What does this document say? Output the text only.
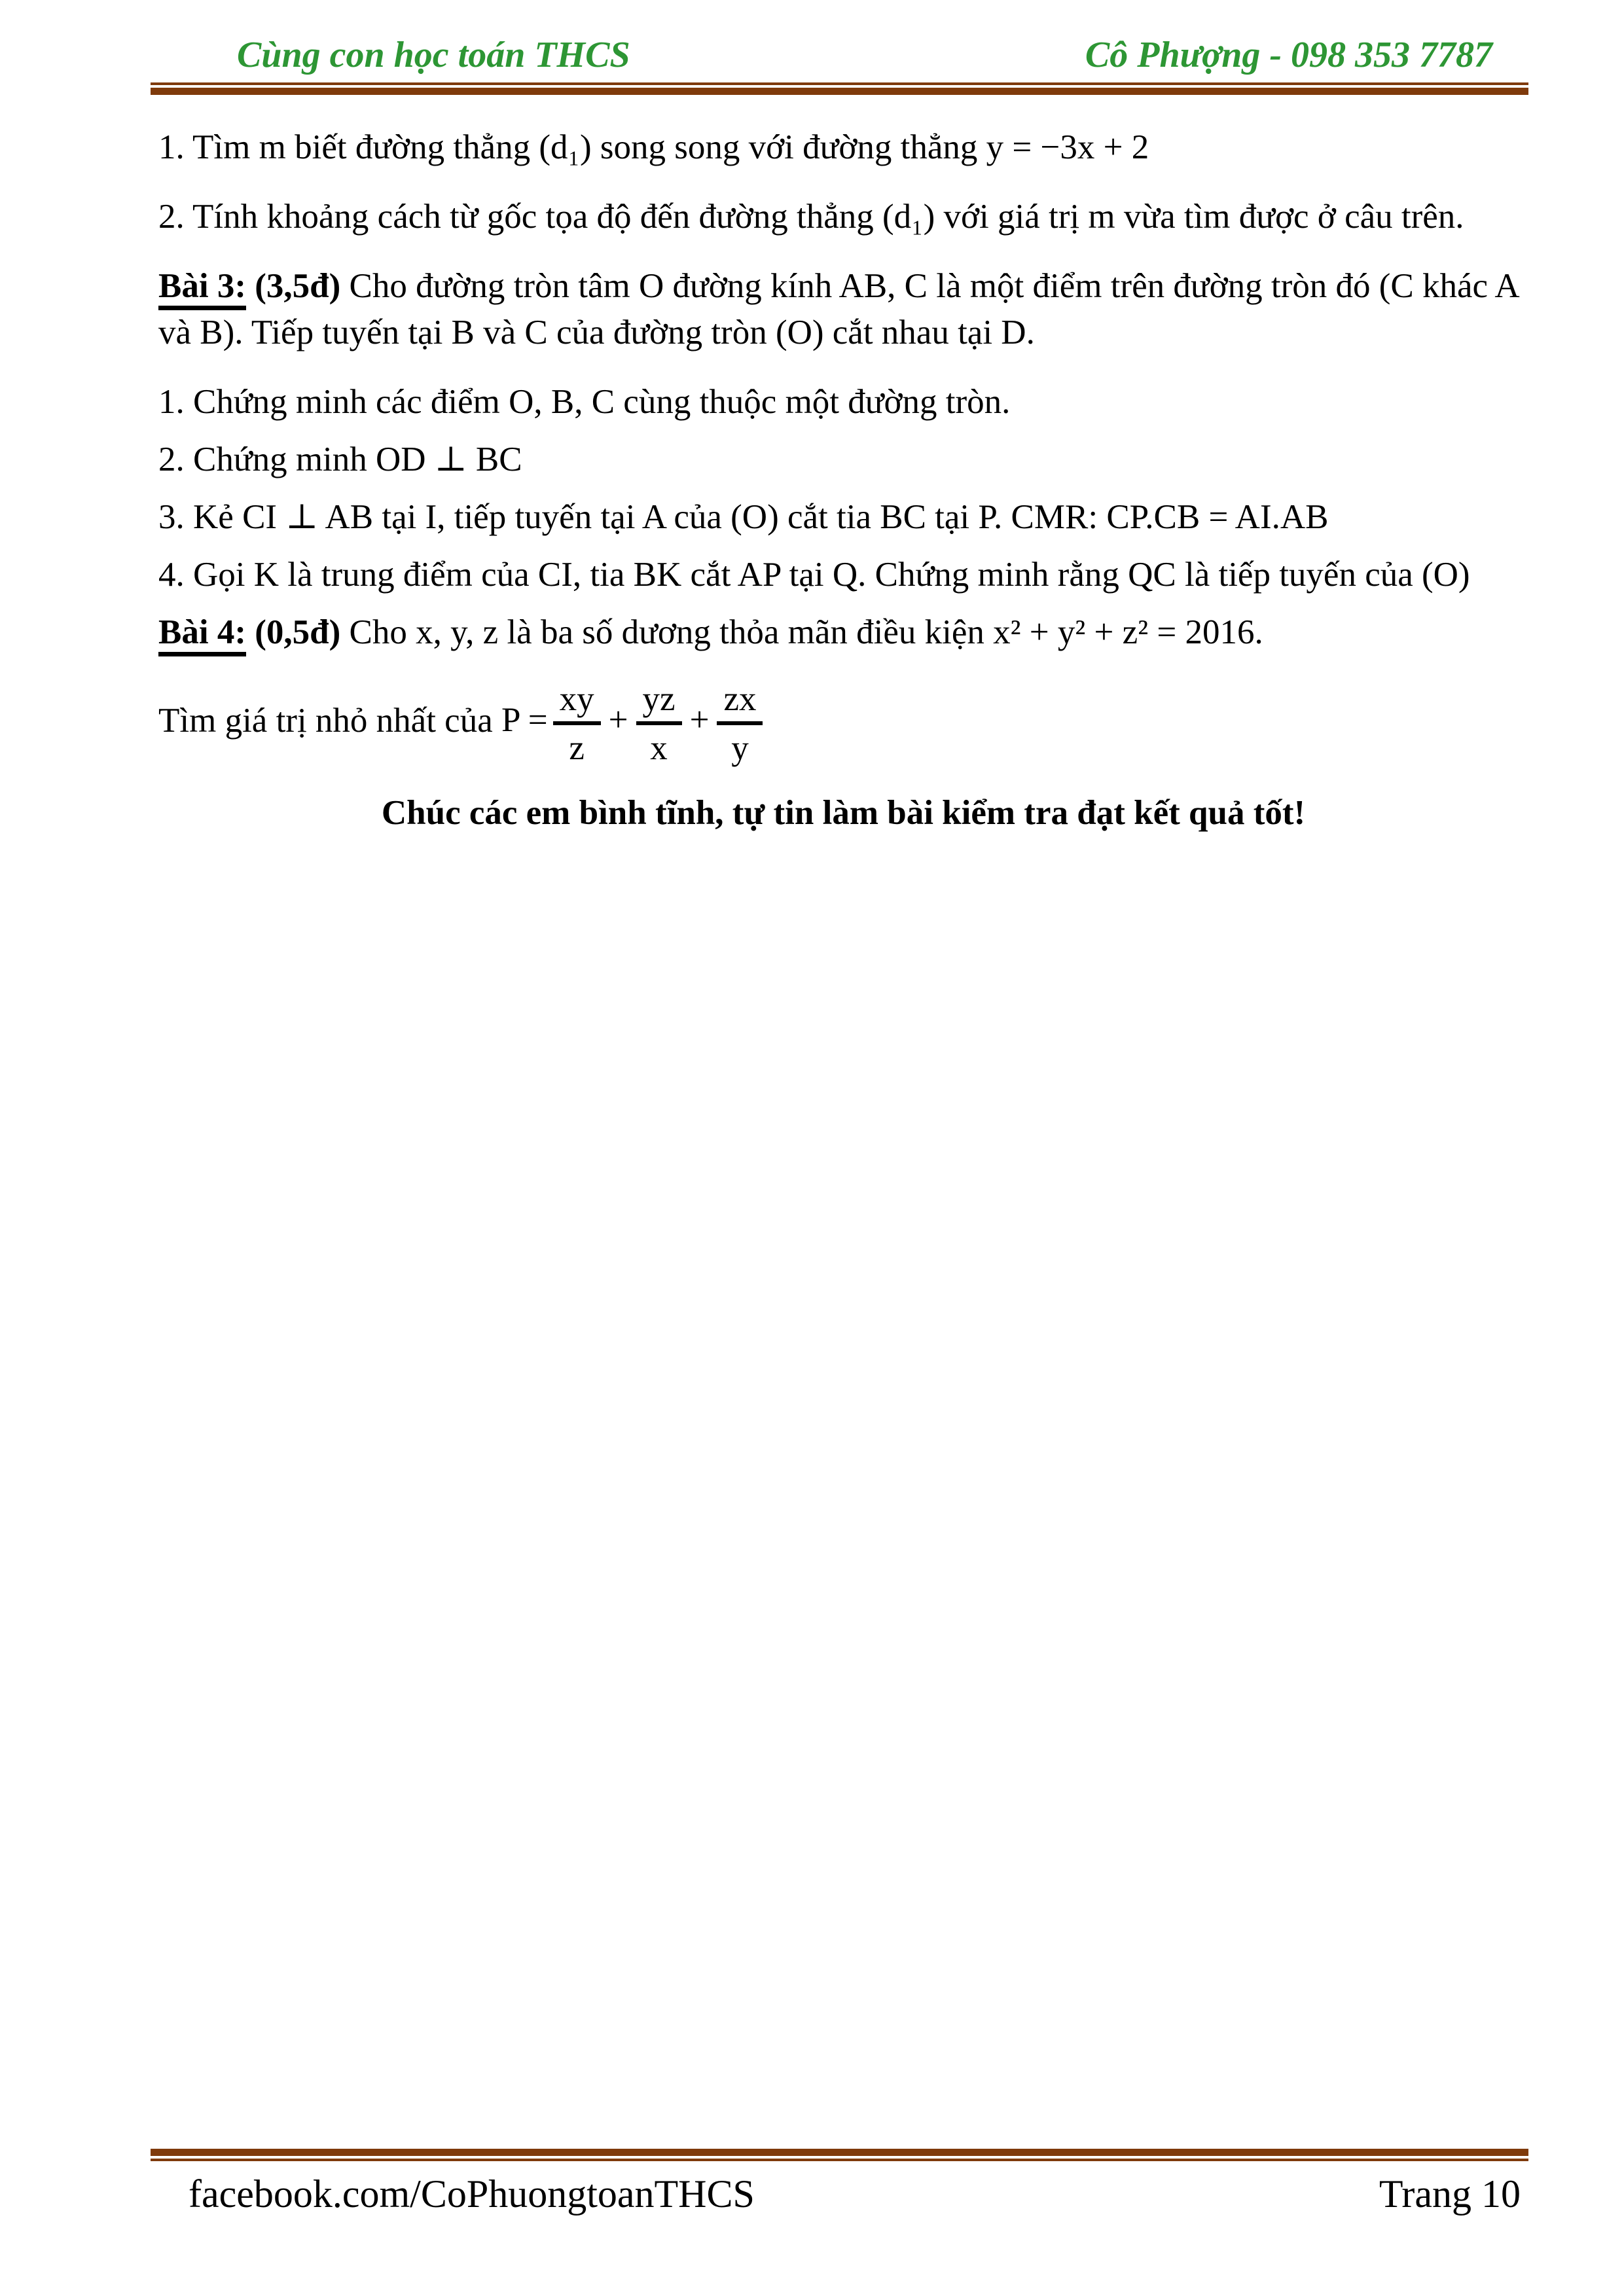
Cùng con học toán THCS	Cô Phượng - 098 353 7787

1. Tìm m biết đường thẳng (d₁) song song với đường thẳng y = −3x + 2

2. Tính khoảng cách từ gốc tọa độ đến đường thẳng (d₁) với giá trị m vừa tìm được ở câu trên.

Bài 3: (3,5đ) Cho đường tròn tâm O đường kính AB, C là một điểm trên đường tròn đó (C khác A và B). Tiếp tuyến tại B và C của đường tròn (O) cắt nhau tại D.

1. Chứng minh các điểm O, B, C cùng thuộc một đường tròn.

2. Chứng minh OD ⊥ BC

3. Kẻ CI ⊥ AB tại I, tiếp tuyến tại A của (O) cắt tia BC tại P. CMR: CP.CB = AI.AB

4. Gọi K là trung điểm của CI, tia BK cắt AP tại Q. Chứng minh rằng QC là tiếp tuyến của (O)

Bài 4: (0,5đ) Cho x, y, z là ba số dương thỏa mãn điều kiện x² + y² + z² = 2016.

Tìm giá trị nhỏ nhất của $P = \frac{xy}{z} + \frac{yz}{x} + \frac{zx}{y}$

Chúc các em bình tĩnh, tự tin làm bài kiểm tra đạt kết quả tốt!

facebook.com/CoPhuongtoanTHCS	Trang 10
